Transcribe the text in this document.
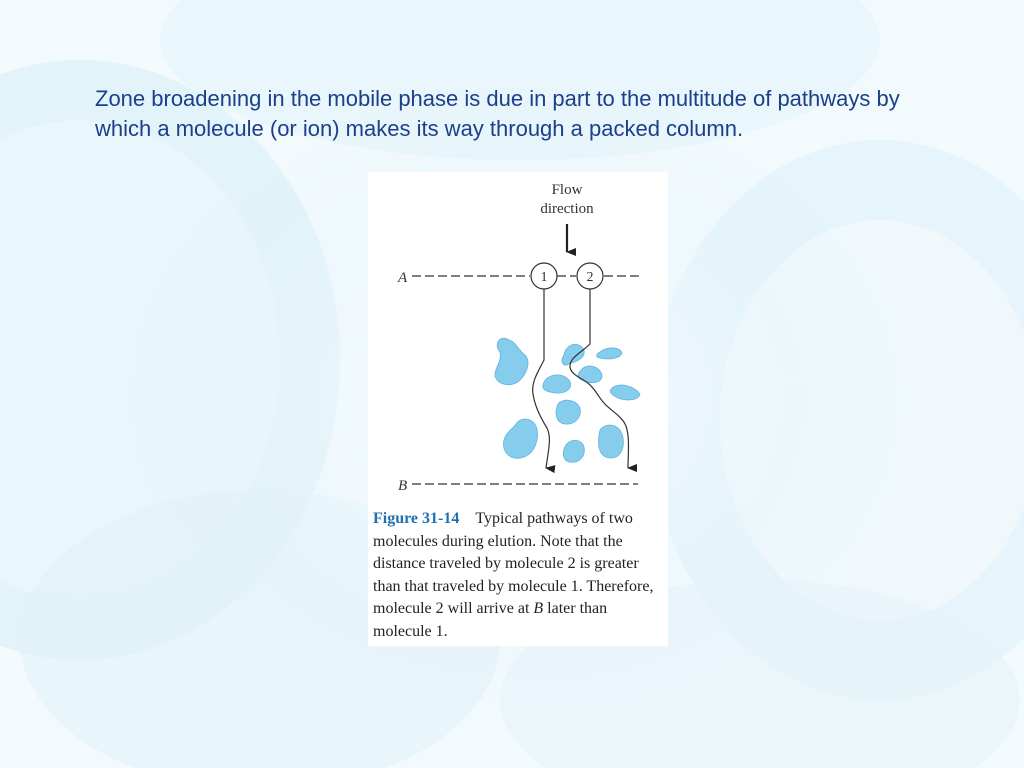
Zone broadening in the mobile phase is due in part to the multitude of pathways by which a molecule (or ion) makes its way through a packed column.

Flow
direction
A	1	2
B

Figure 31-14 Typical pathways of two molecules during elution. Note that the distance traveled by molecule 2 is greater than that traveled by molecule 1. Therefore, molecule 2 will arrive at B later than molecule 1.
